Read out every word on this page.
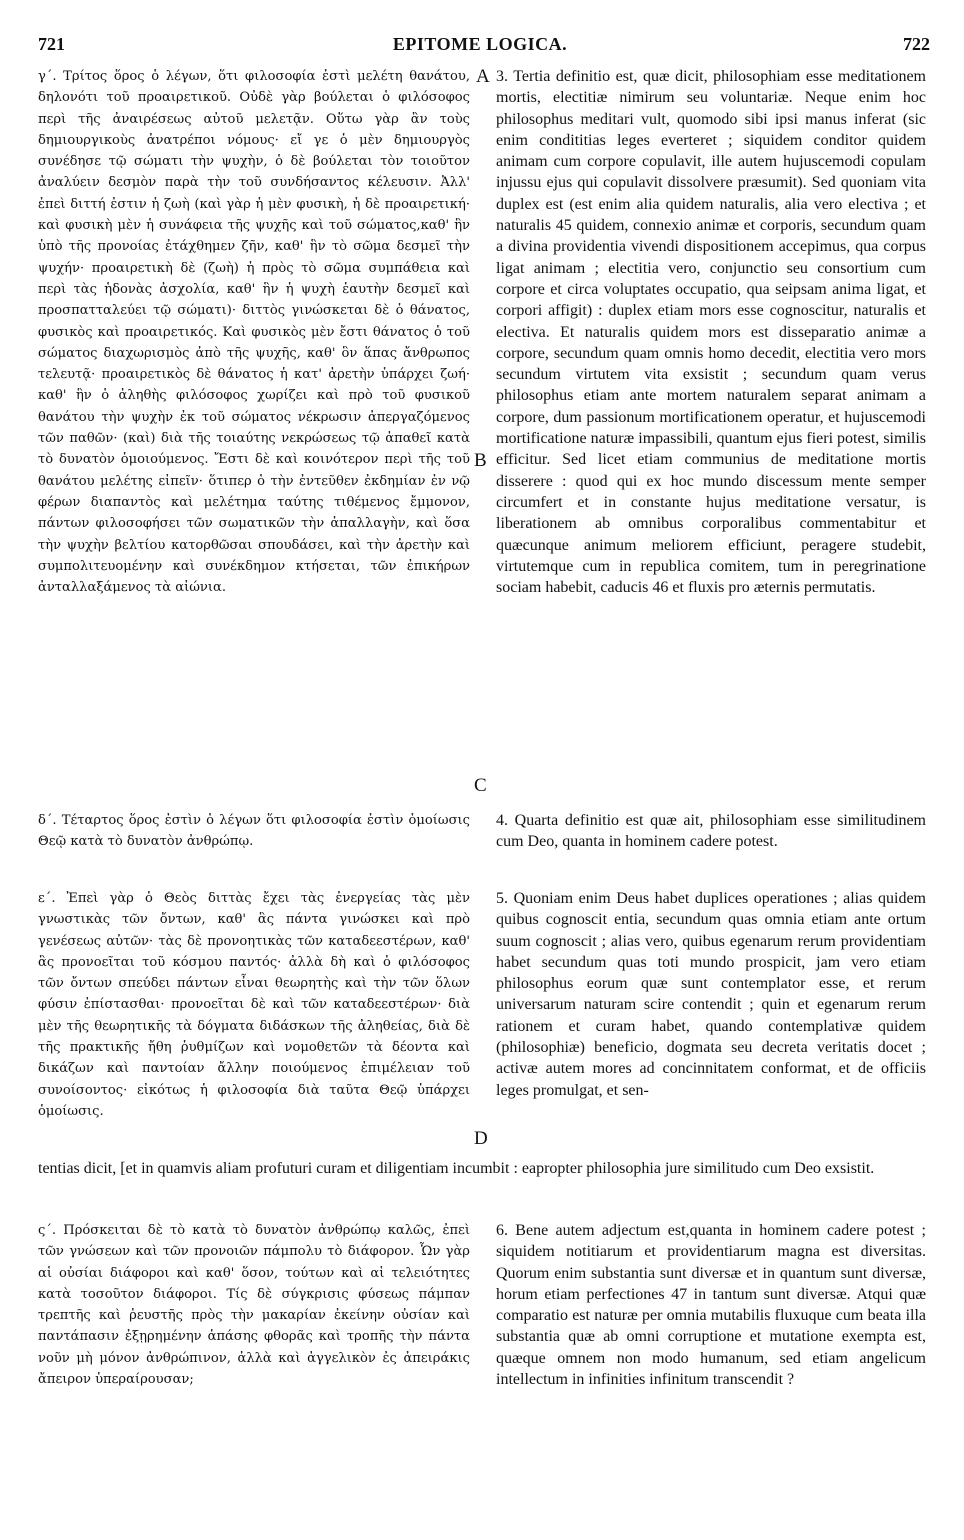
721	EPITOME LOGICA.	722
A
B
C
D

γ΄. Τρίτος ὅρος ὁ λέγων, ὅτι φιλοσοφία ἐστὶ μελέτη θανάτου, δηλονότι τοῦ προαιρετικοῦ. Οὐδὲ γὰρ βούλεται ὁ φιλόσοφος περὶ τῆς ἀναιρέσεως αὐτοῦ μελετᾷν. Οὕτω γὰρ ἂν τοὺς δημιουργικοὺς ἀνατρέποι νόμους· εἴ γε ὁ μὲν δημιουργὸς συνέδησε τῷ σώματι τὴν ψυχὴν, ὁ δὲ βούλεται τὸν τοιοῦτον ἀναλύειν δεσμὸν παρὰ τὴν τοῦ συνδήσαντος κέλευσιν. Ἀλλ' ἐπεὶ διττή ἐστιν ἡ ζωὴ (καὶ γὰρ ἡ μὲν φυσικὴ, ἡ δὲ προαιρετική· καὶ φυσικὴ μὲν ἡ συνάφεια τῆς ψυχῆς καὶ τοῦ σώματος,καθ' ἣν ὑπὸ τῆς προνοίας ἐτάχθημεν ζῆν, καθ' ἣν τὸ σῶμα δεσμεῖ τὴν ψυχήν· προαιρετικὴ δὲ (ζωὴ) ἡ πρὸς τὸ σῶμα συμπάθεια καὶ περὶ τὰς ἡδονὰς ἀσχολία, καθ' ἣν ἡ ψυχὴ ἑαυτὴν δεσμεῖ καὶ προσπατταλεύει τῷ σώματι)· διττὸς γινώσκεται δὲ ὁ θάνατος, φυσικὸς καὶ προαιρετικός. Καὶ φυσικὸς μὲν ἔστι θάνατος ὁ τοῦ σώματος διαχωρισμὸς ἀπὸ τῆς ψυχῆς, καθ' ὃν ἅπας ἄνθρωπος τελευτᾷ· προαιρετικὸς δὲ θάνατος ἡ κατ' ἀρετὴν ὑπάρχει ζωή· καθ' ἣν ὁ ἀληθὴς φιλόσοφος χωρίζει καὶ πρὸ τοῦ φυσικοῦ θανάτου τὴν ψυχὴν ἐκ τοῦ σώματος νέκρωσιν ἀπεργαζόμενος τῶν παθῶν· (καὶ) διὰ τῆς τοιαύτης νεκρώσεως τῷ ἀπαθεῖ κατὰ τὸ δυνατὸν ὁμοιούμενος. Ἔστι δὲ καὶ κοινότερον περὶ τῆς τοῦ θανάτου μελέτης εἰπεῖν· ὅτιπερ ὁ τὴν ἐντεῦθεν ἐκδημίαν ἐν νῷ φέρων διαπαντὸς καὶ μελέτημα ταύτης τιθέμενος ἔμμονον, πάντων φιλοσοφήσει τῶν σωματικῶν τὴν ἀπαλλαγὴν, καὶ ὅσα τὴν ψυχὴν βελτίου κατορθῶσαι σπουδάσει, καὶ τὴν ἀρετὴν καὶ συμπολιτευομένην καὶ συνέκδημον κτήσεται, τῶν ἐπικήρων ἀνταλλαξάμενος τὰ αἰώνια.

δ΄. Τέταρτος ὅρος ἐστὶν ὁ λέγων ὅτι φιλοσοφία ἐστὶν ὁμοίωσις Θεῷ κατὰ τὸ δυνατὸν ἀνθρώπῳ.

ε΄. Ἐπεὶ γὰρ ὁ Θεὸς διττὰς ἔχει τὰς ἐνεργείας τὰς μὲν γνωστικὰς τῶν ὄντων, καθ' ἃς πάντα γινώσκει καὶ πρὸ γενέσεως αὐτῶν· τὰς δὲ προνοητικὰς τῶν καταδεεστέρων, καθ' ἃς προνοεῖται τοῦ κόσμου παντός· ἀλλὰ δὴ καὶ ὁ φιλόσοφος τῶν ὄντων σπεύδει πάντων εἶναι θεωρητὴς καὶ τὴν τῶν ὅλων φύσιν ἐπίστασθαι· προνοεῖται δὲ καὶ τῶν καταδεεστέρων· διὰ μὲν τῆς θεωρητικῆς τὰ δόγματα διδάσκων τῆς ἀληθείας, διὰ δὲ τῆς πρακτικῆς ἤθη ῥυθμίζων καὶ νομοθετῶν τὰ δέοντα καὶ δικάζων καὶ παντοίαν ἄλλην ποιούμενος ἐπιμέλειαν τοῦ συνοίσοντος· εἰκότως ἡ φιλοσοφία διὰ ταῦτα Θεῷ ὑπάρχει ὁμοίωσις.

3. Tertia definitio est, quæ dicit, philosophiam esse meditationem mortis, electitiæ nimirum seu voluntariæ. Neque enim hoc philosophus meditari vult, quomodo sibi ipsi manus inferat (sic enim condititias leges everteret ; siquidem conditor quidem animam cum corpore copulavit, ille autem hujuscemodi copulam injussu ejus qui copulavit dissolvere præsumit). Sed quoniam vita duplex est (est enim alia quidem naturalis, alia vero electiva ; et naturalis 45 quidem, connexio animæ et corporis, secundum quam a divina providentia vivendi dispositionem accepimus, qua corpus ligat animam ; electitia vero, conjunctio seu consortium cum corpore et circa voluptates occupatio, qua seipsam anima ligat, et corpori affigit) : duplex etiam mors esse cognoscitur, naturalis et electiva. Et naturalis quidem mors est disseparatio animæ a corpore, secundum quam omnis homo decedit, electitia vero mors secundum virtutem vita exsistit ; secundum quam verus philosophus etiam ante mortem naturalem separat animam a corpore, dum passionum mortificationem operatur, et hujuscemodi mortificatione naturæ impassibili, quantum ejus fieri potest, similis efficitur. Sed licet etiam communius de meditatione mortis disserere : quod qui ex hoc mundo discessum mente semper circumfert et in constante hujus meditatione versatur, is liberationem ab omnibus corporalibus commentabitur et quæcunque animum meliorem efficiunt, peragere studebit, virtutemque cum in republica comitem, tum in peregrinatione sociam habebit, caducis 46 et fluxis pro æternis permutatis.

4. Quarta definitio est quæ ait, philosophiam esse similitudinem cum Deo, quanta in hominem cadere potest.

5. Quoniam enim Deus habet duplices operationes ; alias quidem quibus cognoscit entia, secundum quas omnia etiam ante ortum suum cognoscit ; alias vero, quibus egenarum rerum providentiam habet secundum quas toti mundo prospicit, jam vero etiam philosophus eorum quæ sunt contemplator esse, et rerum universarum naturam scire contendit ; quin et egenarum rerum rationem et curam habet, quando contemplativæ quidem (philosophiæ) beneficio, dogmata seu decreta veritatis docet ; activæ autem mores ad concinnitatem conformat, et de officiis leges promulgat, et sen-

tentias dicit, [et in quamvis aliam profuturi curam et diligentiam incumbit : eapropter philosophia jure similitudo cum Deo exsistit.

ς΄. Πρόσκειται δὲ τὸ κατὰ τὸ δυνατὸν ἀνθρώπῳ καλῶς, ἐπεὶ τῶν γνώσεων καὶ τῶν προνοιῶν πάμπολυ τὸ διάφορον. Ὧν γὰρ αἱ οὐσίαι διάφοροι καὶ καθ' ὅσον, τούτων καὶ αἱ τελειότητες κατὰ τοσοῦτον διάφοροι. Τίς δὲ σύγκρισις φύσεως πάμπαν τρεπτῆς καὶ ῥευστῆς πρὸς τὴν μακαρίαν ἐκείνην οὐσίαν καὶ παντάπασιν ἐξῃρημένην ἁπάσης φθορᾶς καὶ τροπῆς τὴν πάντα νοῦν μὴ μόνον ἀνθρώπινον, ἀλλὰ καὶ ἀγγελικὸν ἐς ἀπειράκις ἄπειρον ὑπεραίρουσαν;

6. Bene autem adjectum est,quanta in hominem cadere potest ; siquidem notitiarum et providentiarum magna est diversitas. Quorum enim substantia sunt diversæ et in quantum sunt diversæ, horum etiam perfectiones 47 in tantum sunt diversæ. Atqui quæ comparatio est naturæ per omnia mutabilis fluxuque cum beata illa substantia quæ ab omni corruptione et mutatione exempta est, quæque omnem non modo humanum, sed etiam angelicum intellectum in infinities infinitum transcendit ?
